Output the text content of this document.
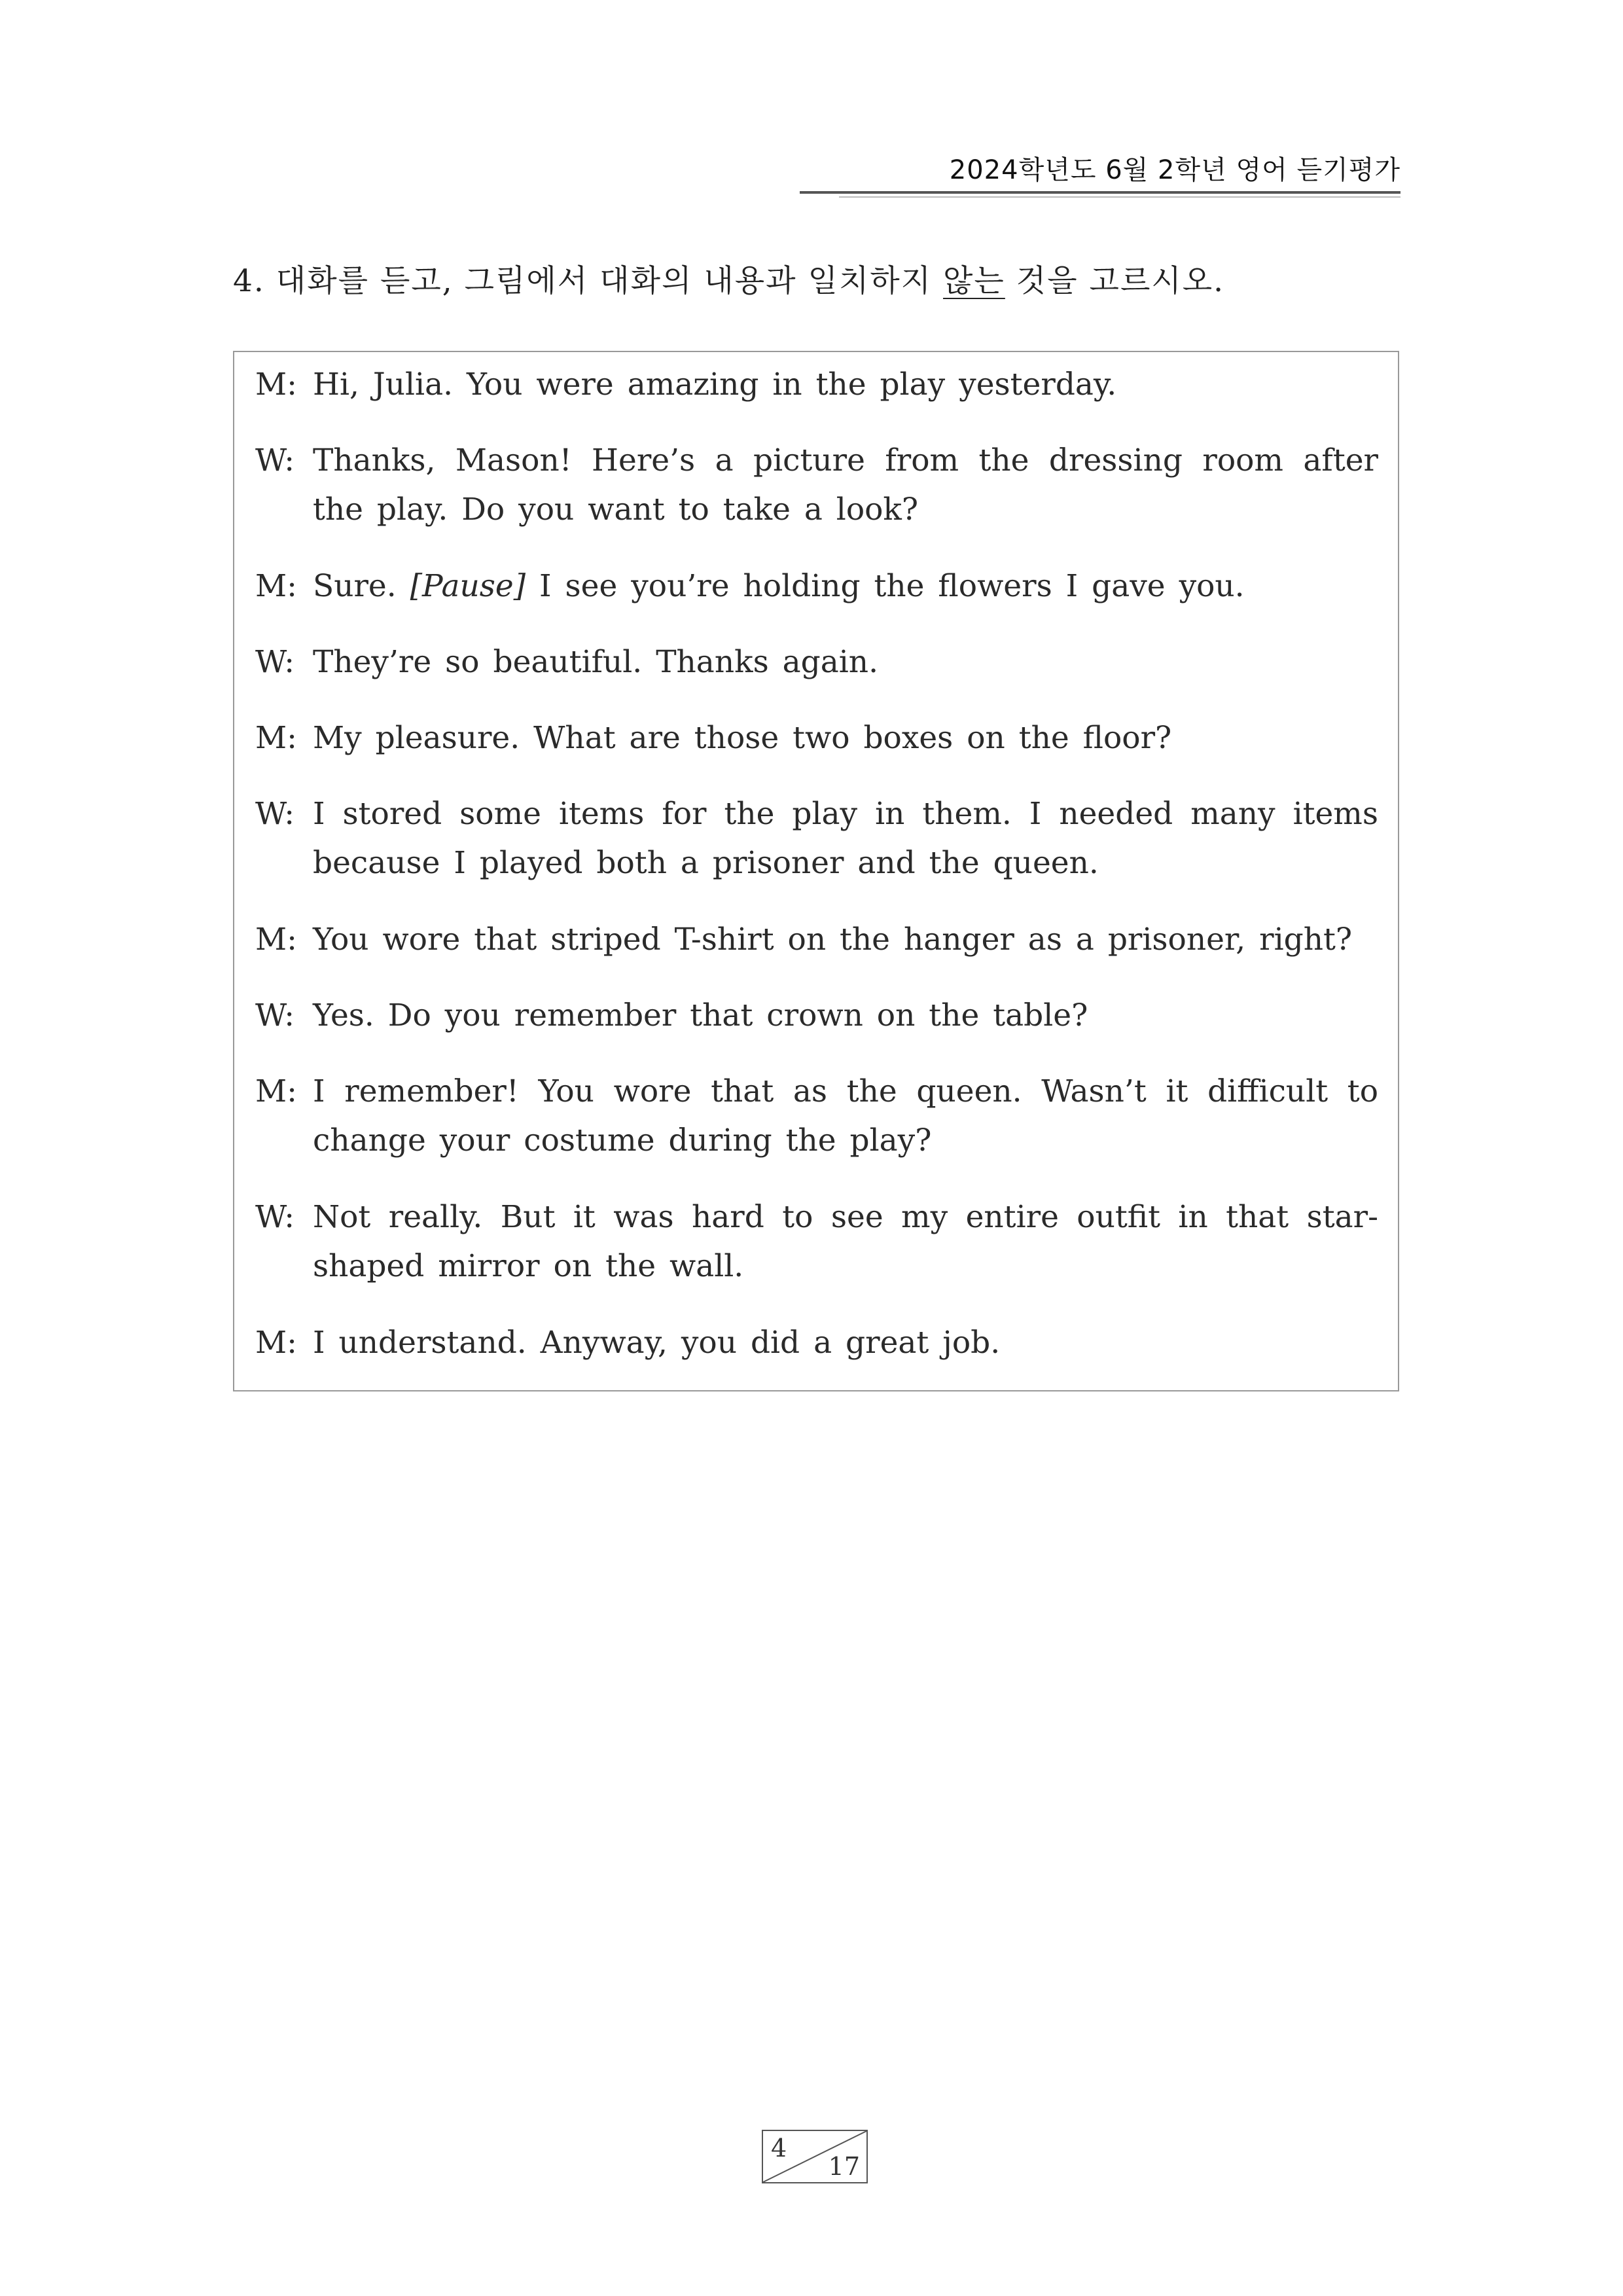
2024학년도 6월 2학년 영어 듣기평가
4. 대화를 듣고, 그림에서 대화의 내용과 일치하지 않는 것을 고르시오.
M: Hi, Julia. You were amazing in the play yesterday.
W: Thanks, Mason! Here’s a picture from the dressing room after the play. Do you want to take a look?
M: Sure. [Pause] I see you’re holding the flowers I gave you.
W: They’re so beautiful. Thanks again.
M: My pleasure. What are those two boxes on the floor?
W: I stored some items for the play in them. I needed many items because I played both a prisoner and the queen.
M: You wore that striped T-shirt on the hanger as a prisoner, right?
W: Yes. Do you remember that crown on the table?
M: I remember! You wore that as the queen. Wasn’t it difficult to change your costume during the play?
W: Not really. But it was hard to see my entire outfit in that star-shaped mirror on the wall.
M: I understand. Anyway, you did a great job.
4
17
